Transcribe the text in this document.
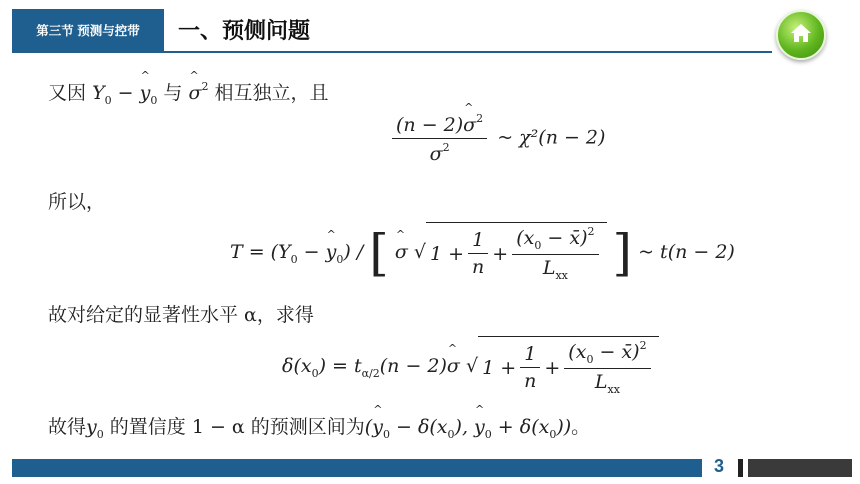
第三节 预测与控带 一、预侧问题
又因 $Y_0$ − ^ $y_0$ 与 ^ $\sigma^2$ 相互独立，且
$\frac{(n - 2)\^{} \sigma^2}{\sigma^2}$ ~ χ²(n − 2)
所以，
$T = (Y_0$ − ^ $y_0$) / [ ^ σ √ $1 + \frac{1}{n} + \frac{(x_0 - x̄)^2}{L_{xx}}$ ] ~ t(n − 2)
故对给定的显著性水平 α，求得
$\delta(x_0) = t_{\alpha/2}(n$ − 2)^ σ √ $1 + \frac{1}{n} + \frac{(x_0 - x̄)^2}{L_{xx}}$
故得$y_0$ 的置信度 1 − α 的预测区间为(^ $y_0 - \delta(x_0)$, ^ $y_0 + \delta(x_0)$)。
3
